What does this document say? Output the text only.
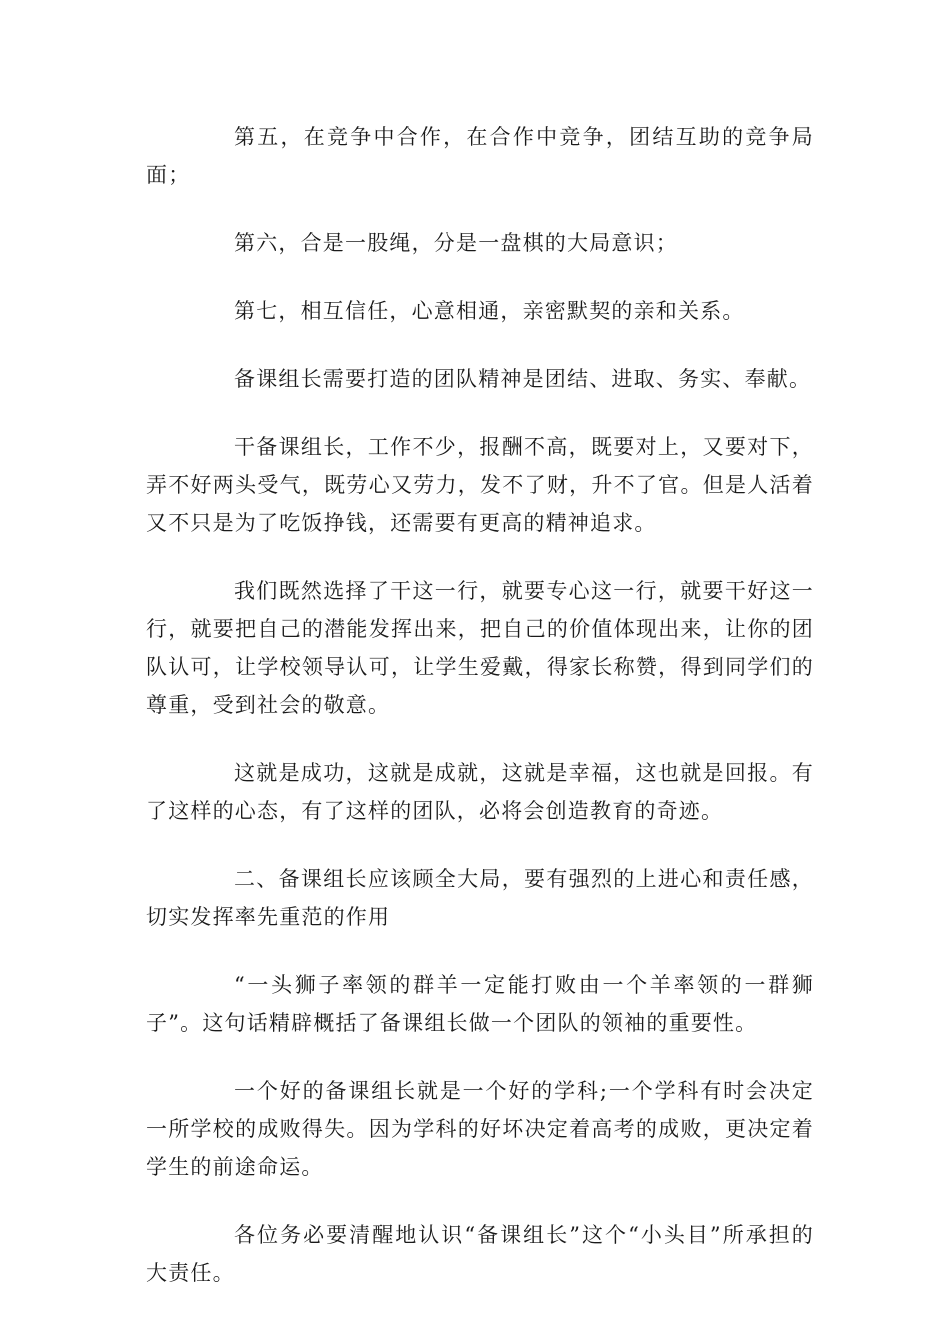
第五，在竞争中合作，在合作中竞争，团结互助的竞争局面；

第六，合是一股绳，分是一盘棋的大局意识；

第七，相互信任，心意相通，亲密默契的亲和关系。

备课组长需要打造的团队精神是团结、进取、务实、奉献。

干备课组长，工作不少，报酬不高，既要对上，又要对下，弄不好两头受气，既劳心又劳力，发不了财，升不了官。但是人活着又不只是为了吃饭挣钱，还需要有更高的精神追求。

我们既然选择了干这一行，就要专心这一行，就要干好这一行，就要把自己的潜能发挥出来，把自己的价值体现出来，让你的团队认可，让学校领导认可，让学生爱戴，得家长称赞，得到同学们的尊重，受到社会的敬意。

这就是成功，这就是成就，这就是幸福，这也就是回报。有了这样的心态，有了这样的团队，必将会创造教育的奇迹。

二、备课组长应该顾全大局，要有强烈的上进心和责任感，切实发挥率先重范的作用

“一头狮子率领的群羊一定能打败由一个羊率领的一群狮子”。这句话精辟概括了备课组长做一个团队的领袖的重要性。

一个好的备课组长就是一个好的学科;一个学科有时会决定一所学校的成败得失。因为学科的好坏决定着高考的成败，更决定着学生的前途命运。

各位务必要清醒地认识“备课组长”这个“小头目”所承担的大责任。
